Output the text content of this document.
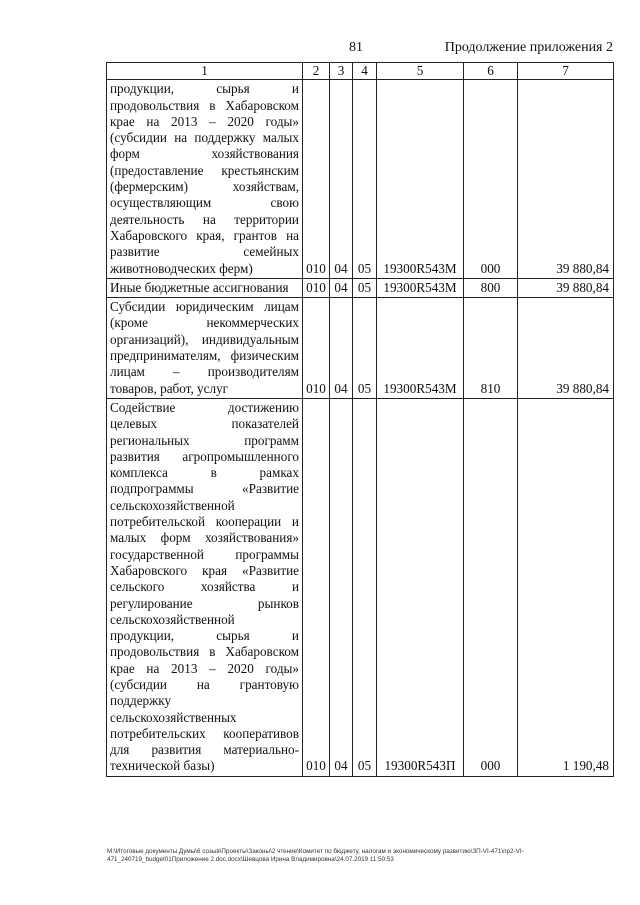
81	Продолжение приложения 2
1	2	3	4	5	6	7
продукции, сырья и продовольствия в Хабаровском крае на 2013 – 2020 годы» (субсидии на поддержку малых форм хозяйствования (предоставление крестьянским (фермерским) хозяйствам, осуществляющим свою деятельность на территории Хабаровского края, грантов на развитие семейных животноводческих ферм)	010	04	05	19300R543M	000	39 880,84
Иные бюджетные ассигнования	010	04	05	19300R543M	800	39 880,84
Субсидии юридическим лицам (кроме некоммерческих организаций), индивидуальным предпринимателям, физическим лицам – производителям товаров, работ, услуг	010	04	05	19300R543M	810	39 880,84
Содействие достижению целевых показателей региональных программ развития агропромышленного комплекса в рамках подпрограммы «Развитие сельскохозяйственной потребительской кооперации и малых форм хозяйствования» государственной программы Хабаровского края «Развитие сельского хозяйства и регулирование рынков сельскохозяйственной продукции, сырья и продовольствия в Хабаровском крае на 2013 – 2020 годы» (субсидии на грантовую поддержку сельскохозяйственных потребительских кооперативов для развития материально-технической базы)	010	04	05	19300R543П	000	1 190,48
M:\Итоговые документы Думы\6 созыв\Проекты\Законы\2 чтение\Комитет по бюджету, налогам и экономическому развитию\ЗП-VI-471\пр2-VI-471_240719_budget01Приложение 2.doc.docx\Шевцова Ирина Владимировна\24.07.2019 11:50:53
